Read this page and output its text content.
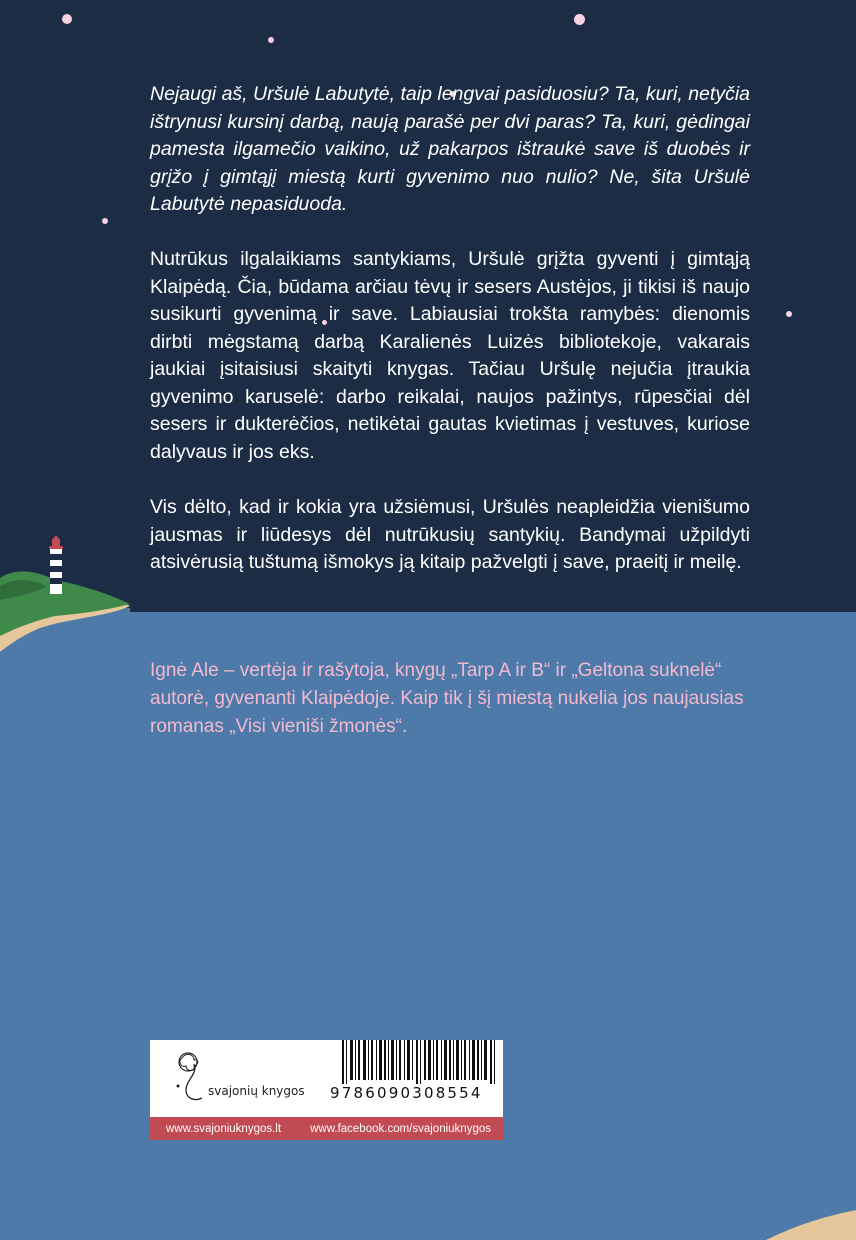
Nejaugi aš, Uršulė Labutytė, taip lengvai pasiduosiu? Ta, kuri, netyčia ištrynusi kursinį darbą, naują parašė per dvi paras? Ta, kuri, gėdingai pamesta ilgamečio vaikino, už pakarpos ištraukė save iš duobės ir grįžo į gimtąjį miestą kurti gyvenimo nuo nulio? Ne, šita Uršulė Labutytė nepasiduoda.

Nutrūkus ilgalaikiams santykiams, Uršulė grįžta gyventi į gimtąją Klaipėdą. Čia, būdama arčiau tėvų ir sesers Austėjos, ji tikisi iš naujo susikurti gyvenimą ir save. Labiausiai trokšta ramybės: dienomis dirbti mėgstamą darbą Karalienės Luizės bibliotekoje, vakarais jaukiai įsitaisiusi skaityti knygas. Tačiau Uršulę nejučia įtraukia gyvenimo karuselė: darbo reikalai, naujos pažintys, rūpesčiai dėl sesers ir dukterėčios, netikėtai gautas kvietimas į vestuves, kuriose dalyvaus ir jos eks.

Vis dėlto, kad ir kokia yra užsiėmusi, Uršulės neapleidžia vienišumo jausmas ir liūdesys dėl nutrūkusių santykių. Bandymai užpildyti atsivėrusią tuštumą išmokys ją kitaip pažvelgti į save, praeitį ir meilę.

Ignė Ale – vertėja ir rašytoja, knygų „Tarp A ir B“ ir „Geltona suknelė“ autorė, gyvenanti Klaipėdoje. Kaip tik į šį miestą nukelia jos naujausias romanas „Visi vieniši žmonės“.

svajonių knygos 9786090308554
www.svajoniuknygos.lt	www.facebook.com/svajoniuknygos
